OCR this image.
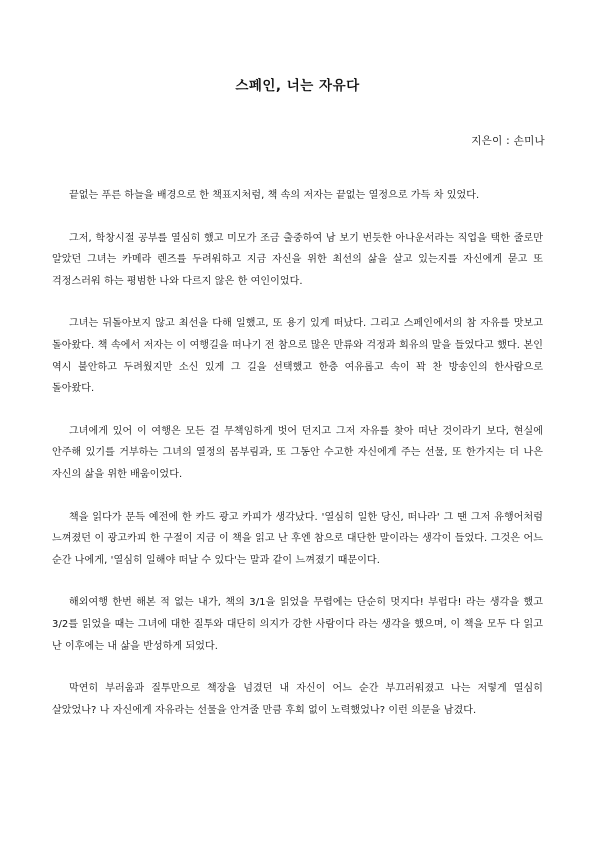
스페인, 너는 자유다
지은이 : 손미나

끝없는 푸른 하늘을 배경으로 한 책표지처럼, 책 속의 저자는 끝없는 열정으로 가득 차 있었다.

그저, 학창시절 공부를 열심히 했고 미모가 조금 출중하여 남 보기 번듯한 아나운서라는 직업을 택한 줄로만 알았던 그녀는 카메라 렌즈를 두려워하고 지금 자신을 위한 최선의 삶을 살고 있는지를 자신에게 묻고 또 걱정스러워 하는 평범한 나와 다르지 않은 한 여인이었다.

그녀는 뒤돌아보지 않고 최선을 다해 일했고, 또 용기 있게 떠났다. 그리고 스페인에서의 참 자유를 맛보고 돌아왔다. 책 속에서 저자는 이 여행길을 떠나기 전 참으로 많은 만류와 걱정과 회유의 말을 들었다고 했다. 본인 역시 불안하고 두려웠지만 소신 있게 그 길을 선택했고 한층 여유롭고 속이 꽉 찬 방송인의 한사람으로 돌아왔다.

그녀에게 있어 이 여행은 모든 걸 무책임하게 벗어 던지고 그저 자유를 찾아 떠난 것이라기 보다, 현실에 안주해 있기를 거부하는 그녀의 열정의 몸부림과, 또 그동안 수고한 자신에게 주는 선물, 또 한가지는 더 나은 자신의 삶을 위한 배움이었다.

책을 읽다가 문득 예전에 한 카드 광고 카피가 생각났다. '열심히 일한 당신, 떠나라' 그 땐 그저 유행어처럼 느껴졌던 이 광고카피 한 구절이 지금 이 책을 읽고 난 후엔 참으로 대단한 말이라는 생각이 들었다. 그것은 어느 순간 나에게, '열심히 일해야 떠날 수 있다'는 말과 같이 느껴졌기 때문이다.

해외여행 한번 해본 적 없는 내가, 책의 3/1을 읽었을 무렵에는 단순히 멋지다! 부럽다! 라는 생각을 했고 3/2를 읽었을 때는 그녀에 대한 질투와 대단히 의지가 강한 사람이다 라는 생각을 했으며, 이 책을 모두 다 읽고 난 이후에는 내 삶을 반성하게 되었다.

막연히 부러움과 질투만으로 책장을 넘겼던 내 자신이 어느 순간 부끄러워졌고 나는 저렇게 열심히 살았었나? 나 자신에게 자유라는 선물을 안겨줄 만큼 후회 없이 노력했었나? 이런 의문을 남겼다.
